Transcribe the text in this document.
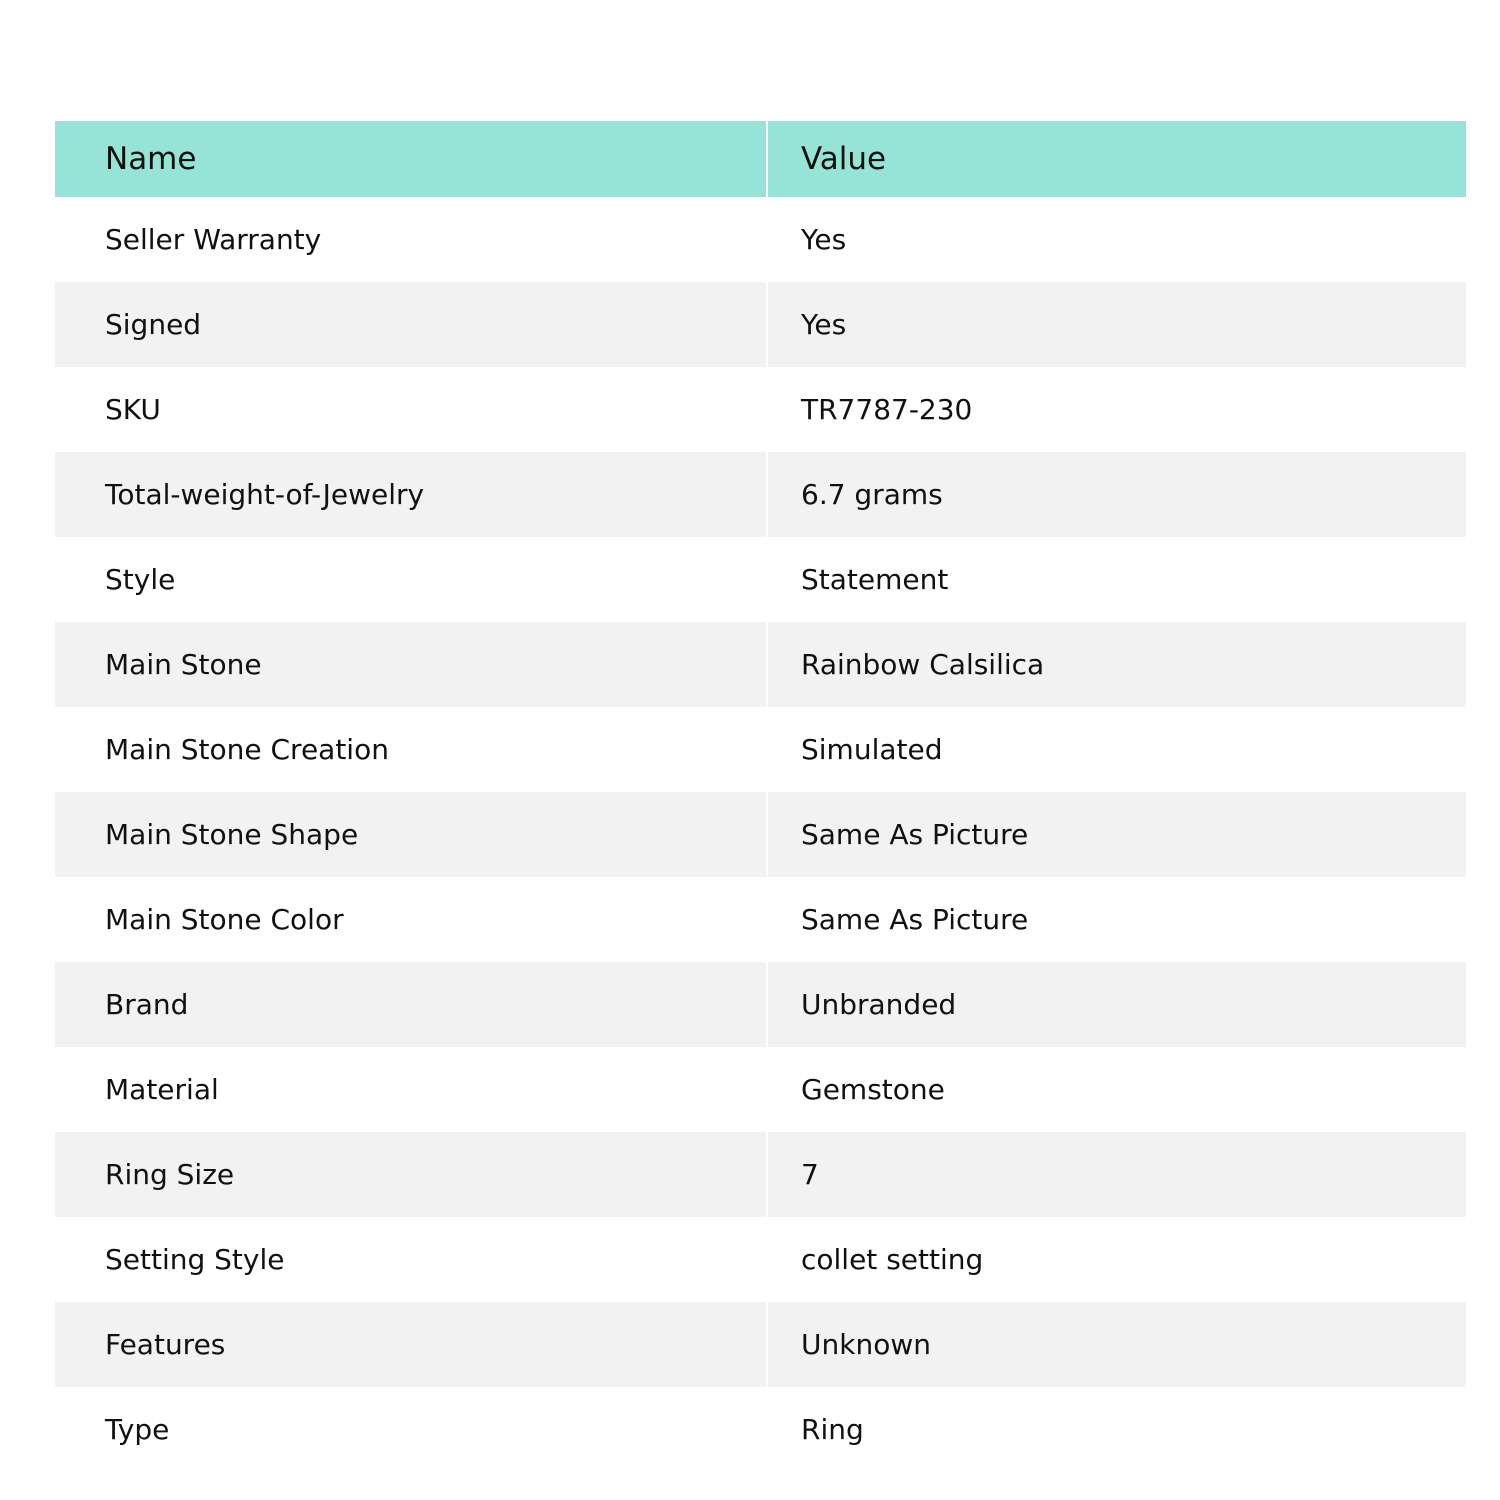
Name	Value
Seller Warranty	Yes
Signed	Yes
SKU	TR7787-230
Total-weight-of-Jewelry	6.7 grams
Style	Statement
Main Stone	Rainbow Calsilica
Main Stone Creation	Simulated
Main Stone Shape	Same As Picture
Main Stone Color	Same As Picture
Brand	Unbranded
Material	Gemstone
Ring Size	7
Setting Style	collet setting
Features	Unknown
Type	Ring
